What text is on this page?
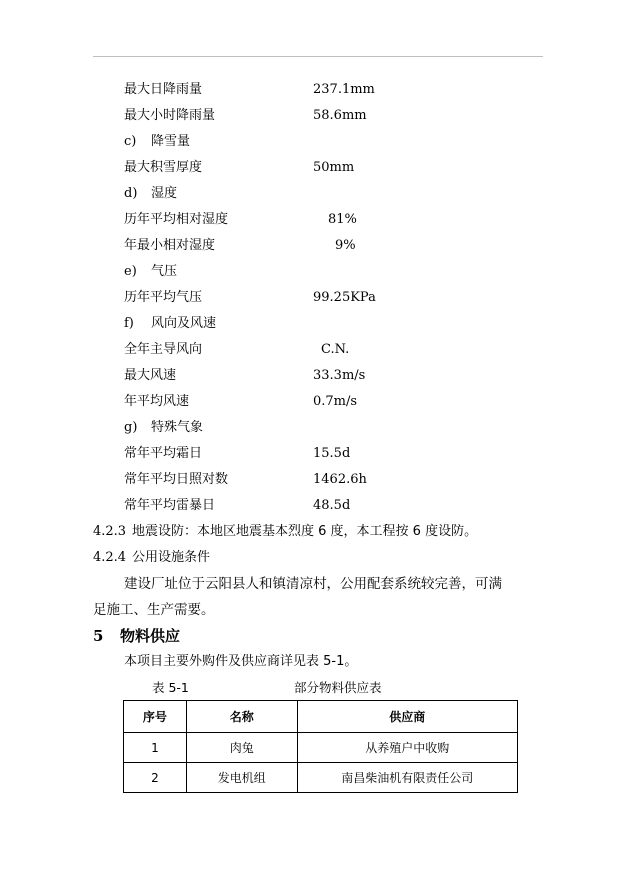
最大日降雨量	237.1mm
最大小时降雨量	58.6mm
c) 降雪量
最大积雪厚度	50mm
d) 湿度
历年平均相对湿度	81%
年最小相对湿度	9%
e) 气压
历年平均气压	99.25KPa
f) 风向及风速
全年主导风向	C.N.
最大风速	33.3m/s
年平均风速	0.7m/s
g) 特殊气象
常年平均霜日	15.5d
常年平均日照对数	1462.6h
常年平均雷暴日	48.5d
4.2.3 地震设防：本地区地震基本烈度 6 度，本工程按 6 度设防。
4.2.4 公用设施条件
建设厂址位于云阳县人和镇清凉村，公用配套系统较完善，可满
足施工、生产需要。
5 物料供应
本项目主要外购件及供应商详见表 5-1。
表 5-1	部分物料供应表
序号	名称	供应商
1	肉兔	从养殖户中收购
2	发电机组	南昌柴油机有限责任公司
